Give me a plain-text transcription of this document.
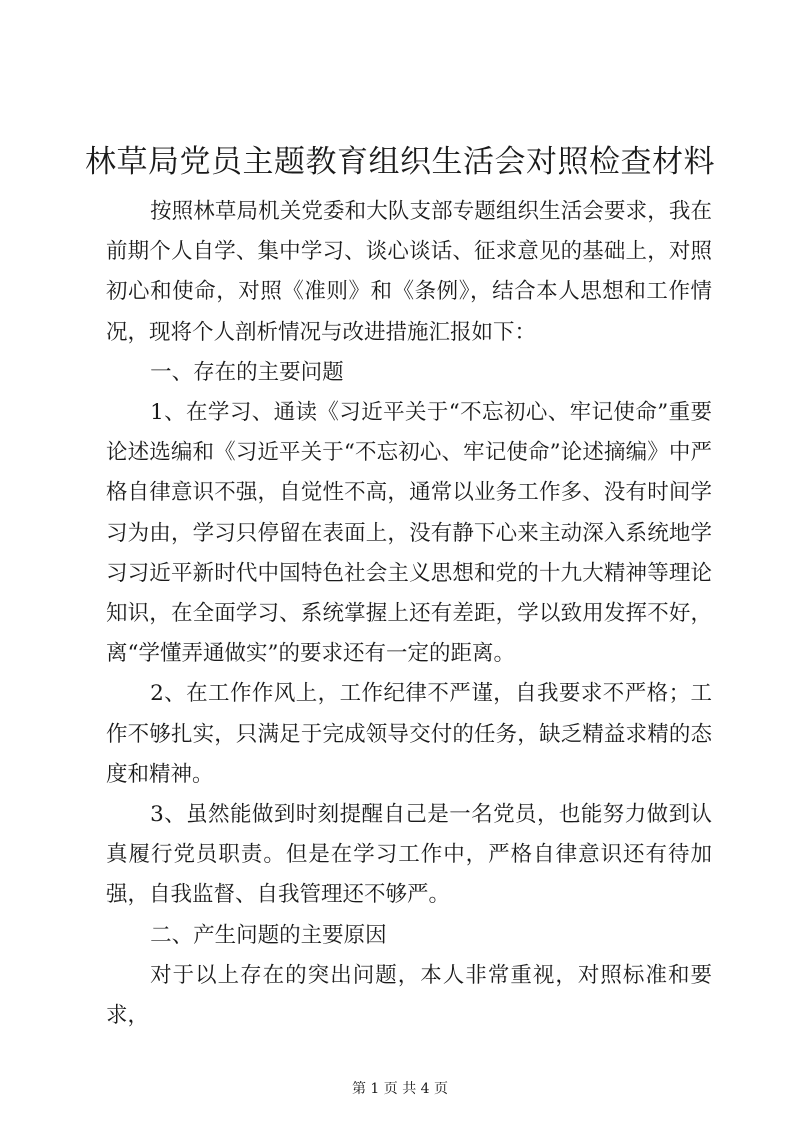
林草局党员主题教育组织生活会对照检查材料

按照林草局机关党委和大队支部专题组织生活会要求，我在前期个人自学、集中学习、谈心谈话、征求意见的基础上，对照初心和使命，对照《准则》和《条例》，结合本人思想和工作情况，现将个人剖析情况与改进措施汇报如下：

一、存在的主要问题

1、在学习、通读《习近平关于“不忘初心、牢记使命”重要论述选编和《习近平关于“不忘初心、牢记使命”论述摘编》中严格自律意识不强，自觉性不高，通常以业务工作多、没有时间学习为由，学习只停留在表面上，没有静下心来主动深入系统地学习习近平新时代中国特色社会主义思想和党的十九大精神等理论知识，在全面学习、系统掌握上还有差距，学以致用发挥不好，离“学懂弄通做实”的要求还有一定的距离。

2、在工作作风上，工作纪律不严谨，自我要求不严格；工作不够扎实，只满足于完成领导交付的任务，缺乏精益求精的态度和精神。

3、虽然能做到时刻提醒自己是一名党员，也能努力做到认真履行党员职责。但是在学习工作中，严格自律意识还有待加强，自我监督、自我管理还不够严。

二、产生问题的主要原因

对于以上存在的突出问题，本人非常重视，对照标准和要求，

第 1 页 共 4 页
